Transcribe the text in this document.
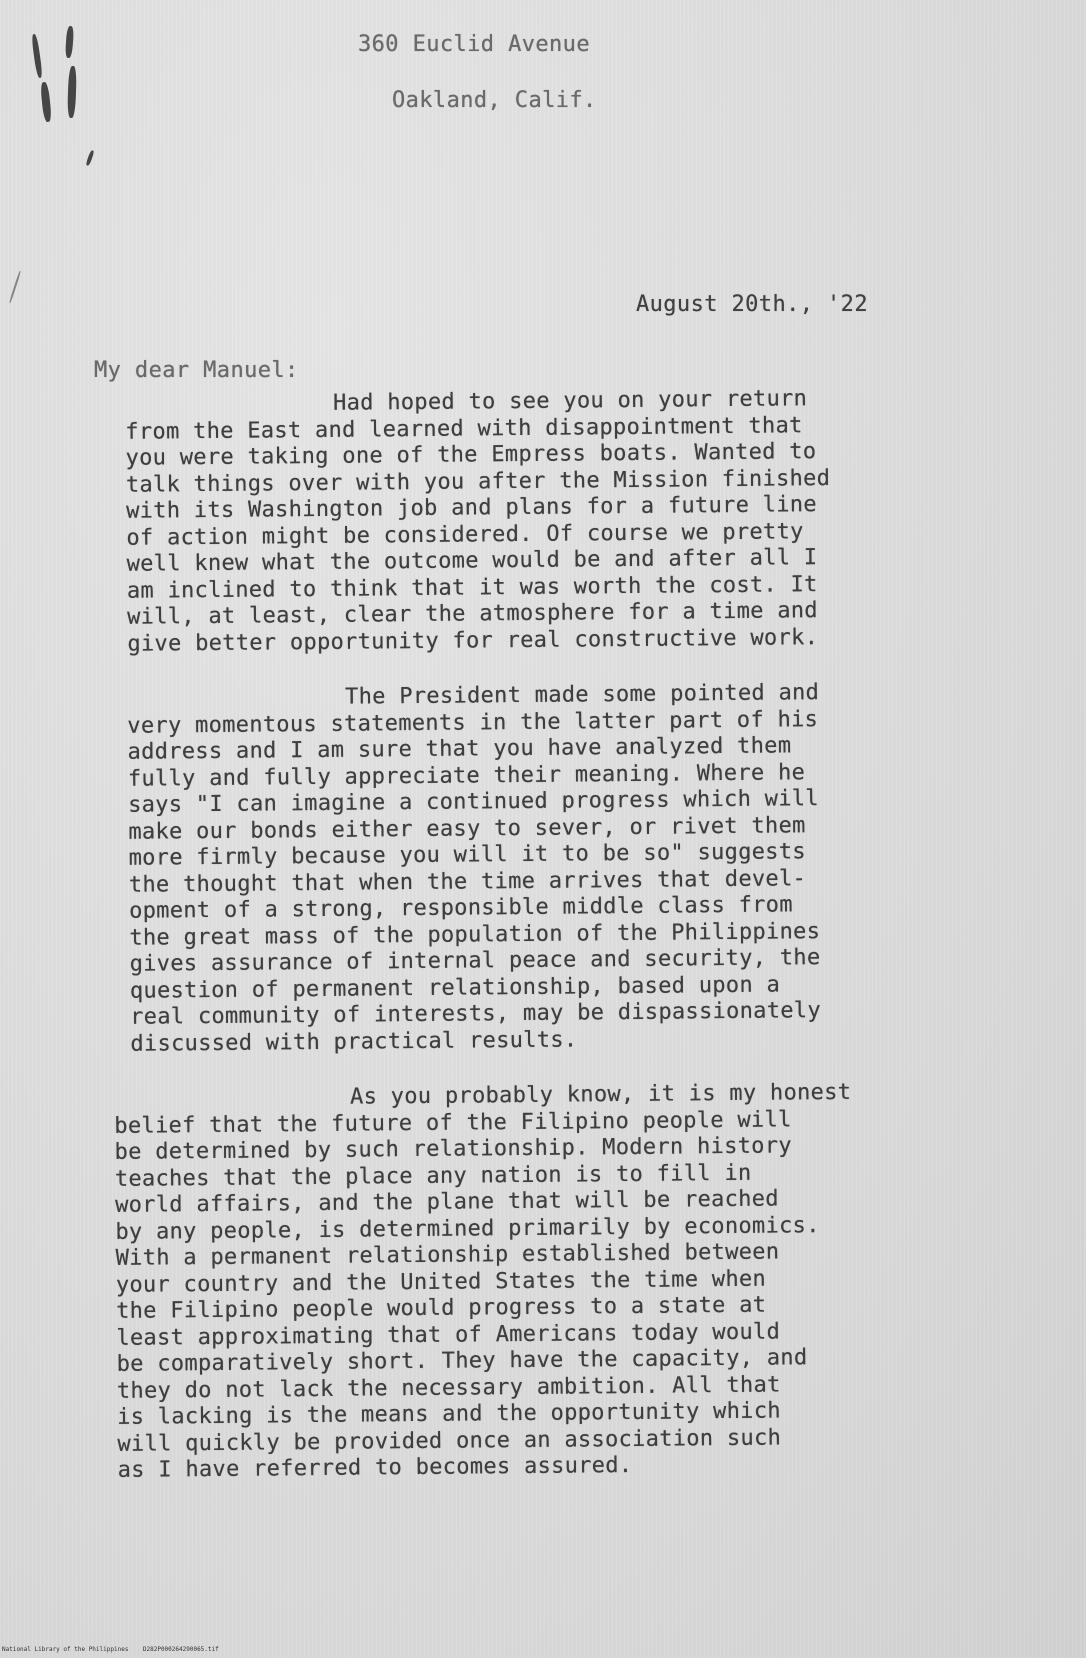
360 Euclid Avenue
Oakland, Calif.
August 20th., '22
My dear Manuel:
Had hoped to see you on your return
from the East and learned with disappointment that
you were taking one of the Empress boats. Wanted to
talk things over with you after the Mission finished
with its Washington job and plans for a future line
of action might be considered. Of course we pretty
well knew what the outcome would be and after all I
am inclined to think that it was worth the cost. It
will, at least, clear the atmosphere for a time and
give better opportunity for real constructive work.
The President made some pointed and
very momentous statements in the latter part of his
address and I am sure that you have analyzed them
fully and fully appreciate their meaning. Where he
says "I can imagine a continued progress which will
make our bonds either easy to sever, or rivet them
more firmly because you will it to be so" suggests
the thought that when the time arrives that devel-
opment of a strong, responsible middle class from
the great mass of the population of the Philippines
gives assurance of internal peace and security, the
question of permanent relationship, based upon a
real community of interests, may be dispassionately
discussed with practical results.
As you probably know, it is my honest
belief that the future of the Filipino people will
be determined by such relationship. Modern history
teaches that the place any nation is to fill in
world affairs, and the plane that will be reached
by any people, is determined primarily by economics.
With a permanent relationship established between
your country and the United States the time when
the Filipino people would progress to a state at
least approximating that of Americans today would
be comparatively short. They have the capacity, and
they do not lack the necessary ambition. All that
is lacking is the means and the opportunity which
will quickly be provided once an association such
as I have referred to becomes assured.
National Library of the Philippines    D282P000264290065.tif
